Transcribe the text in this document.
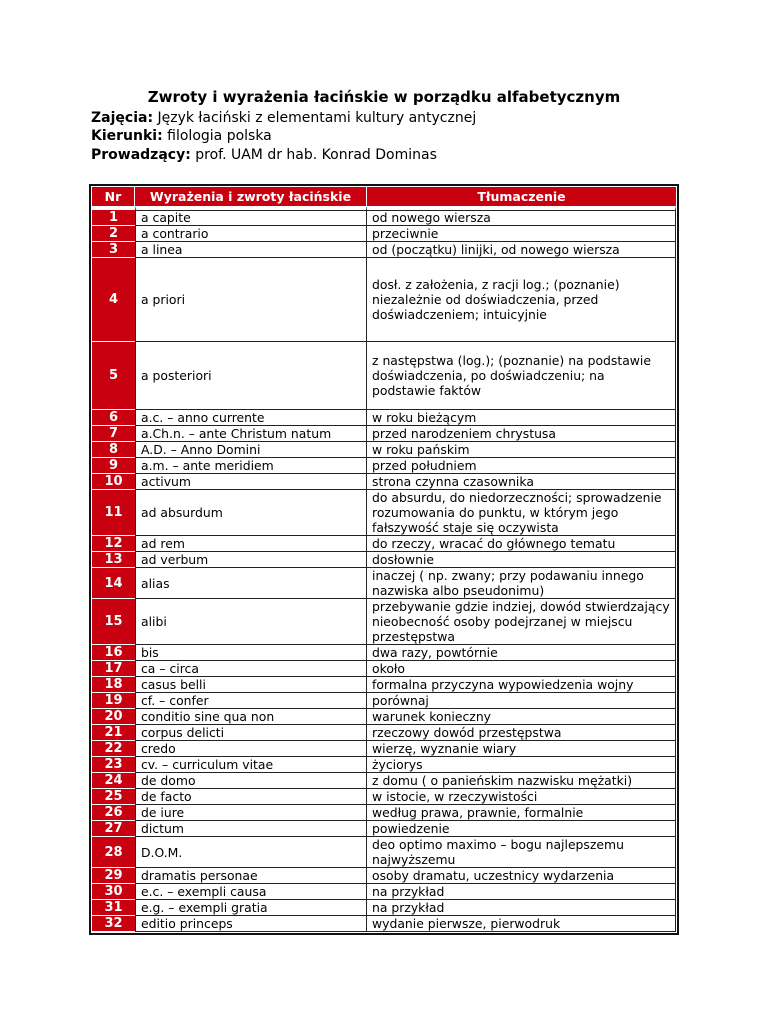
Zwroty i wyrażenia łacińskie w porządku alfabetycznym
Zajęcia: Język łaciński z elementami kultury antycznej
Kierunki: filologia polska
Prowadzący: prof. UAM dr hab. Konrad Dominas
Nr	Wyrażenia i zwroty łacińskie	Tłumaczenie
1	a capite	od nowego wiersza
2	a contrario	przeciwnie
3	a linea	od (początku) linijki, od nowego wiersza
4	a priori	dosł. z założenia, z racji log.; (poznanie) niezależnie od doświadczenia, przed doświadczeniem; intuicyjnie
5	a posteriori	z następstwa (log.); (poznanie) na podstawie doświadczenia, po doświadczeniu; na podstawie faktów
6	a.c. – anno currente	w roku bieżącym
7	a.Ch.n. – ante Christum natum	przed narodzeniem chrystusa
8	A.D. – Anno Domini	w roku pańskim
9	a.m. – ante meridiem	przed południem
10	activum	strona czynna czasownika
11	ad absurdum	do absurdu, do niedorzeczności; sprowadzenie rozumowania do punktu, w którym jego fałszywość staje się oczywista
12	ad rem	do rzeczy, wracać do głównego tematu
13	ad verbum	dosłownie
14	alias	inaczej ( np. zwany; przy podawaniu innego nazwiska albo pseudonimu)
15	alibi	przebywanie gdzie indziej, dowód stwierdzający nieobecność osoby podejrzanej w miejscu przestępstwa
16	bis	dwa razy, powtórnie
17	ca – circa	około
18	casus belli	formalna przyczyna wypowiedzenia wojny
19	cf. – confer	porównaj
20	conditio sine qua non	warunek konieczny
21	corpus delicti	rzeczowy dowód przestępstwa
22	credo	wierzę, wyznanie wiary
23	cv. – curriculum vitae	życiorys
24	de domo	z domu ( o panieńskim nazwisku mężatki)
25	de facto	w istocie, w rzeczywistości
26	de iure	według prawa, prawnie, formalnie
27	dictum	powiedzenie
28	D.O.M.	deo optimo maximo – bogu najlepszemu najwyższemu
29	dramatis personae	osoby dramatu, uczestnicy wydarzenia
30	e.c. – exempli causa	na przykład
31	e.g. – exempli gratia	na przykład
32	editio princeps	wydanie pierwsze, pierwodruk
